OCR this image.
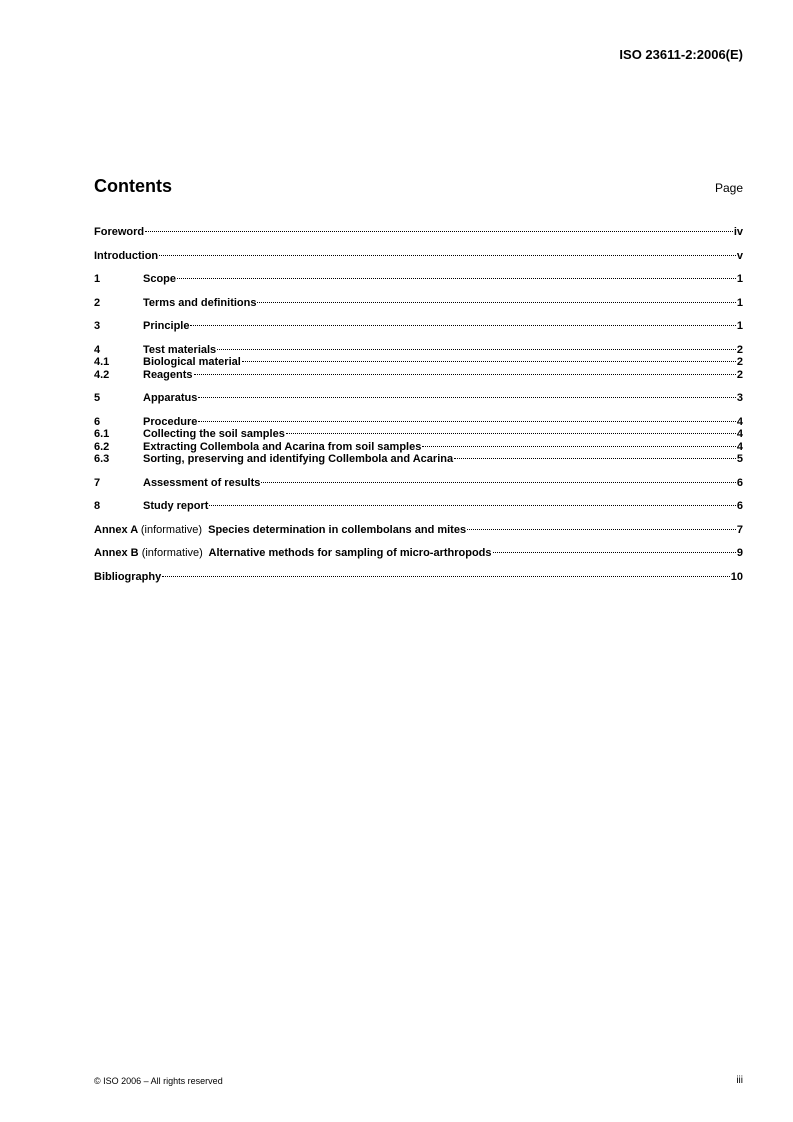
ISO 23611-2:2006(E)
Contents	Page
Foreword	iv
Introduction	v
1	Scope	1
2	Terms and definitions	1
3	Principle	1
4	Test materials	2
4.1	Biological material	2
4.2	Reagents	2
5	Apparatus	3
6	Procedure	4
6.1	Collecting the soil samples	4
6.2	Extracting Collembola and Acarina from soil samples	4
6.3	Sorting, preserving and identifying Collembola and Acarina	5
7	Assessment of results	6
8	Study report	6
Annex A (informative) Species determination in collembolans and mites	7
Annex B (informative) Alternative methods for sampling of micro-arthropods	9
Bibliography	10
© ISO 2006 – All rights reserved	iii
